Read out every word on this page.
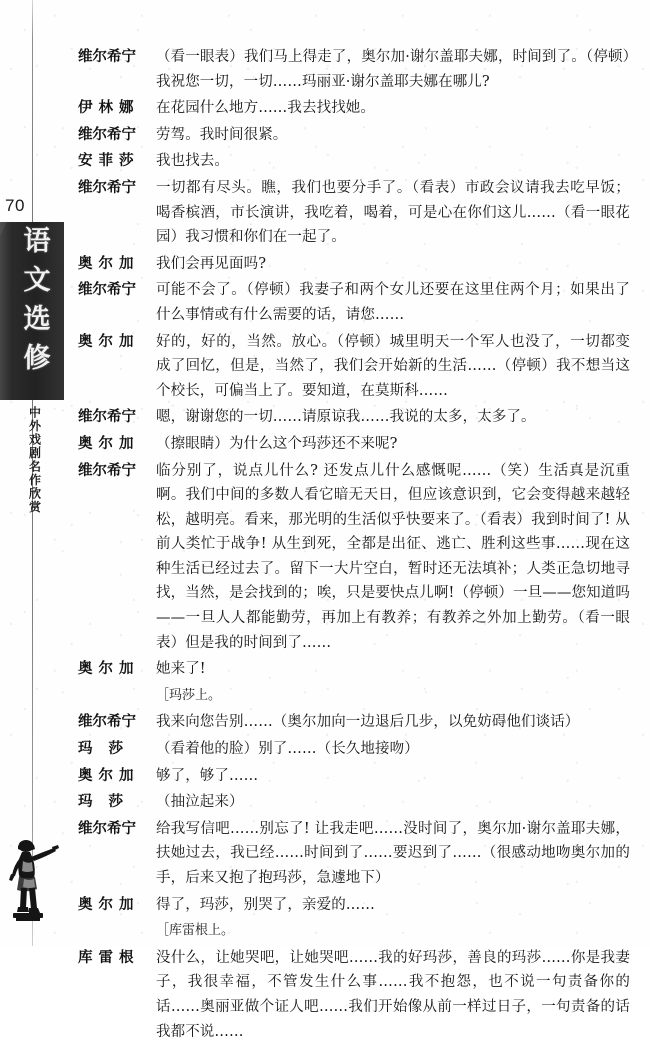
70
语文选修
中外戏剧名作欣赏
维尔希宁	（看一眼表）我们马上得走了，奥尔加·谢尔盖耶夫娜，时间到了。（停顿）我祝您一切，一切……玛丽亚·谢尔盖耶夫娜在哪儿?
伊林娜	在花园什么地方……我去找找她。
维尔希宁	劳驾。我时间很紧。
安菲莎	我也找去。
维尔希宁	一切都有尽头。瞧，我们也要分手了。（看表）市政会议请我去吃早饭；喝香槟酒，市长演讲，我吃着，喝着，可是心在你们这儿……（看一眼花园）我习惯和你们在一起了。
奥尔加	我们会再见面吗?
维尔希宁	可能不会了。（停顿）我妻子和两个女儿还要在这里住两个月；如果出了什么事情或有什么需要的话，请您……
奥尔加	好的，好的，当然。放心。（停顿）城里明天一个军人也没了，一切都变成了回忆，但是，当然了，我们会开始新的生活……（停顿）我不想当这个校长，可偏当上了。要知道，在莫斯科……
维尔希宁	嗯，谢谢您的一切……请原谅我……我说的太多，太多了。
奥尔加	（擦眼睛）为什么这个玛莎还不来呢?
维尔希宁	临分别了，说点儿什么? 还发点儿什么感慨呢……（笑）生活真是沉重啊。我们中间的多数人看它暗无天日，但应该意识到，它会变得越来越轻松，越明亮。看来，那光明的生活似乎快要来了。（看表）我到时间了! 从前人类忙于战争! 从生到死，全都是出征、逃亡、胜利这些事……现在这种生活已经过去了。留下一大片空白，暂时还无法填补；人类正急切地寻找，当然，是会找到的；唉，只是要快点儿啊!（停顿）一旦——您知道吗——一旦人人都能勤劳，再加上有教养；有教养之外加上勤劳。（看一眼表）但是我的时间到了……
奥尔加	她来了!
［玛莎上。
维尔希宁	我来向您告别……（奥尔加向一边退后几步，以免妨碍他们谈话）
玛莎	（看着他的脸）别了……（长久地接吻）
奥尔加	够了，够了……
玛莎	（抽泣起来）
维尔希宁	给我写信吧……别忘了! 让我走吧……没时间了，奥尔加·谢尔盖耶夫娜，扶她过去，我已经……时间到了……要迟到了……（很感动地吻奥尔加的手，后来又抱了抱玛莎，急遽地下）
奥尔加	得了，玛莎，别哭了，亲爱的……
［库雷根上。
库雷根	没什么，让她哭吧，让她哭吧……我的好玛莎，善良的玛莎……你是我妻子，我很幸福，不管发生什么事……我不抱怨，也不说一句责备你的话……奥丽亚做个证人吧……我们开始像从前一样过日子，一句责备的话我都不说……
